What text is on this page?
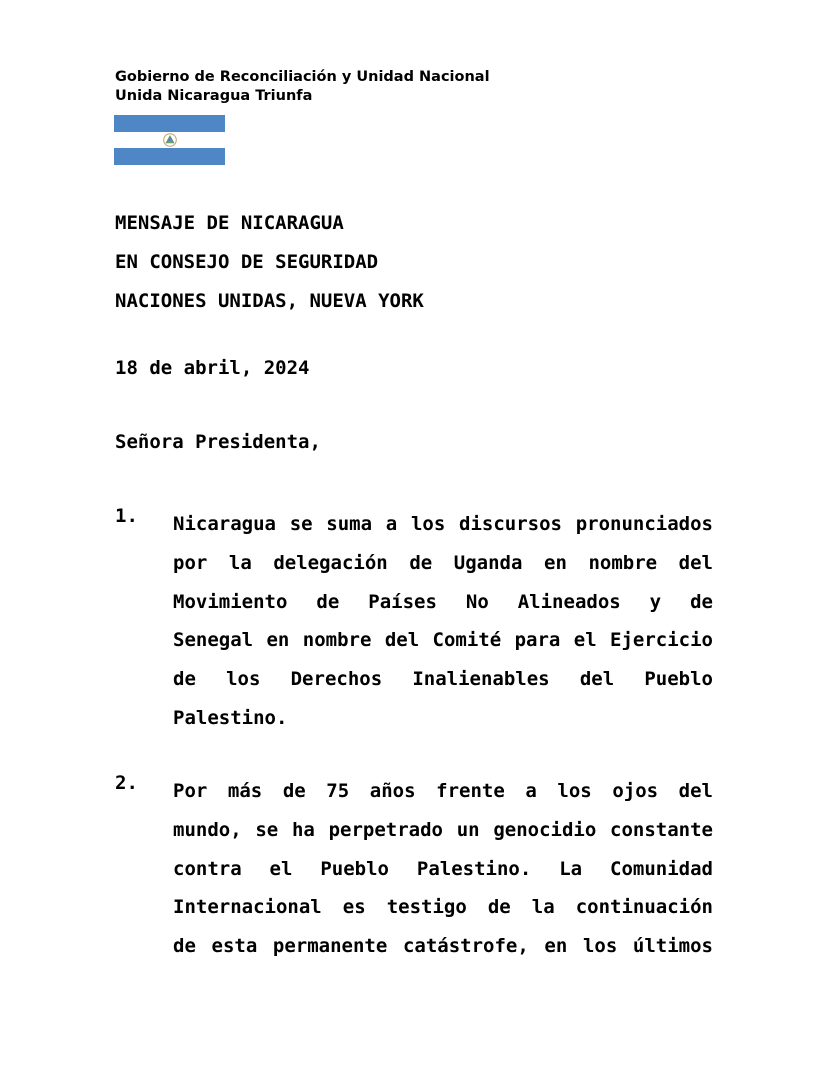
Gobierno de Reconciliación y Unidad Nacional
Unida Nicaragua Triunfa
MENSAJE DE NICARAGUA
EN CONSEJO DE SEGURIDAD
NACIONES UNIDAS, NUEVA YORK
18 de abril, 2024
Señora Presidenta,
1. Nicaragua se suma a los discursos pronunciados
por la delegación de Uganda en nombre del
Movimiento de Países No Alineados y de
Senegal en nombre del Comité para el Ejercicio
de los Derechos Inalienables del Pueblo
Palestino.
2. Por más de 75 años frente a los ojos del
mundo, se ha perpetrado un genocidio constante
contra el Pueblo Palestino. La Comunidad
Internacional es testigo de la continuación
de esta permanente catástrofe, en los últimos
